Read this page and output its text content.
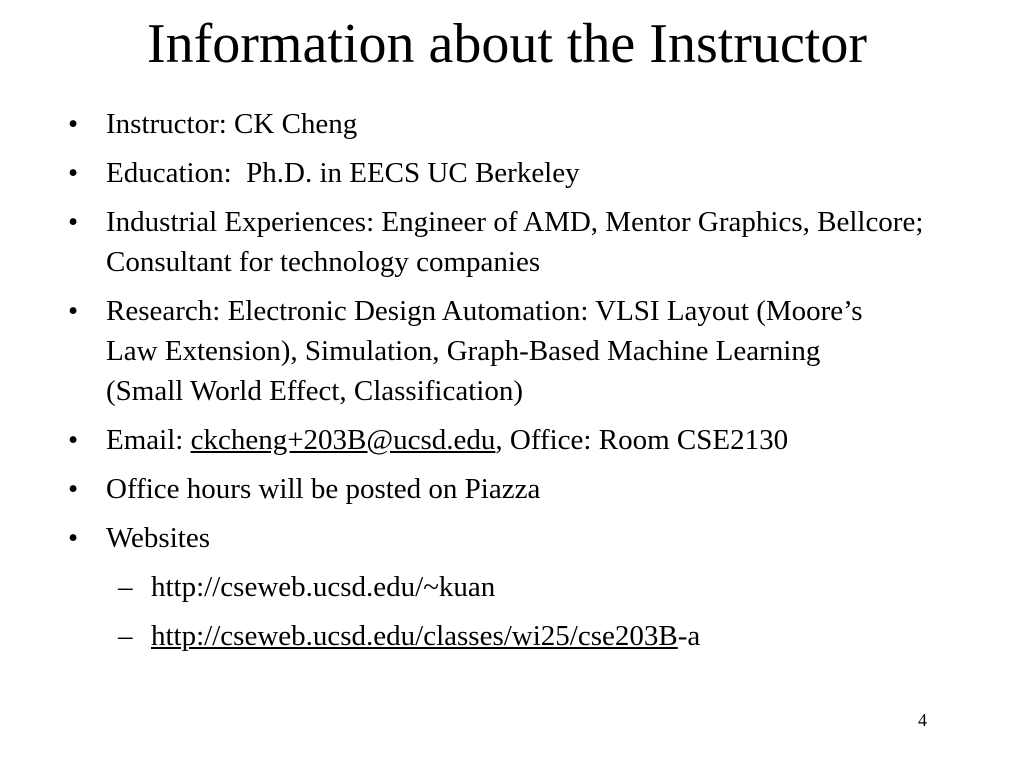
Information about the Instructor
• Instructor: CK Cheng
• Education:  Ph.D. in EECS UC Berkeley
• Industrial Experiences: Engineer of AMD, Mentor Graphics, Bellcore; Consultant for technology companies
• Research: Electronic Design Automation: VLSI Layout (Moore’s Law Extension), Simulation, Graph-Based Machine Learning (Small World Effect, Classification)
• Email: ckcheng+203B@ucsd.edu, Office: Room CSE2130
• Office hours will be posted on Piazza
• Websites
– http://cseweb.ucsd.edu/~kuan
– http://cseweb.ucsd.edu/classes/wi25/cse203B-a
4
